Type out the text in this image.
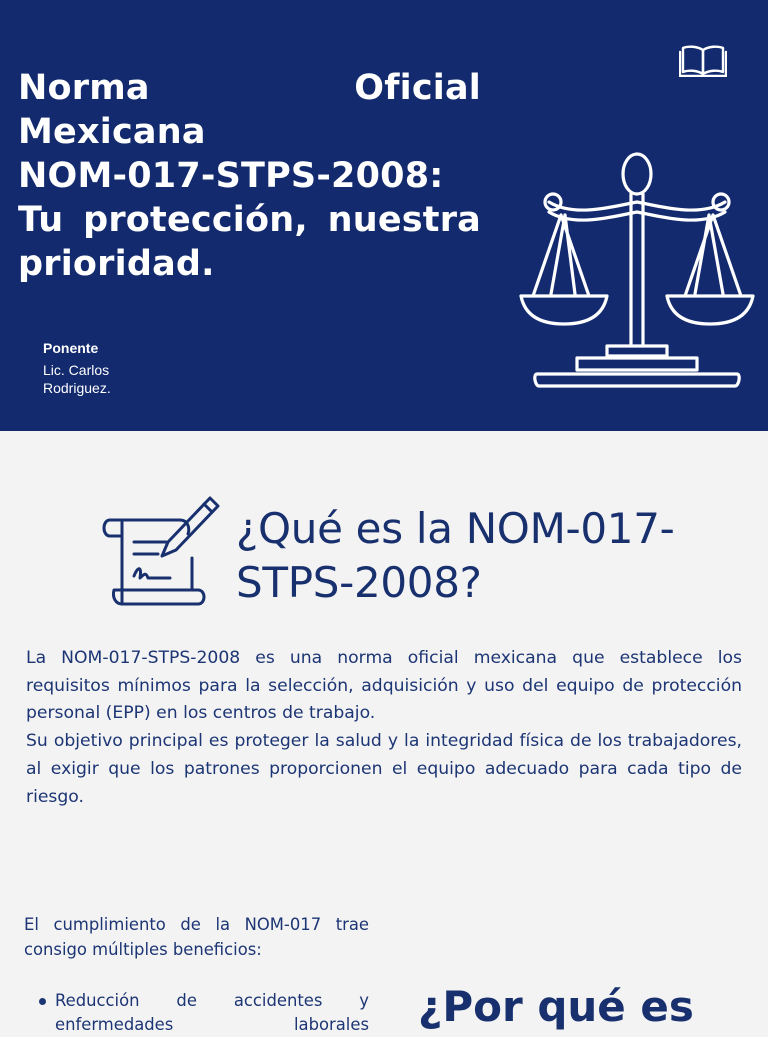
Norma Oficial Mexicana
NOM-017-STPS-2008:
Tu protección, nuestra
prioridad.
Ponente
Lic. Carlos Rodriguez.
¿Qué es la NOM-017-STPS-2008?

La NOM-017-STPS-2008 es una norma oficial mexicana que establece los requisitos mínimos para la selección, adquisición y uso del equipo de protección personal (EPP) en los centros de trabajo.

Su objetivo principal es proteger la salud y la integridad física de los trabajadores, al exigir que los patrones proporcionen el equipo adecuado para cada tipo de riesgo.

El cumplimiento de la NOM-017 trae consigo múltiples beneficios:

Reducción de accidentes y enfermedades laborales ¿Por qué es
